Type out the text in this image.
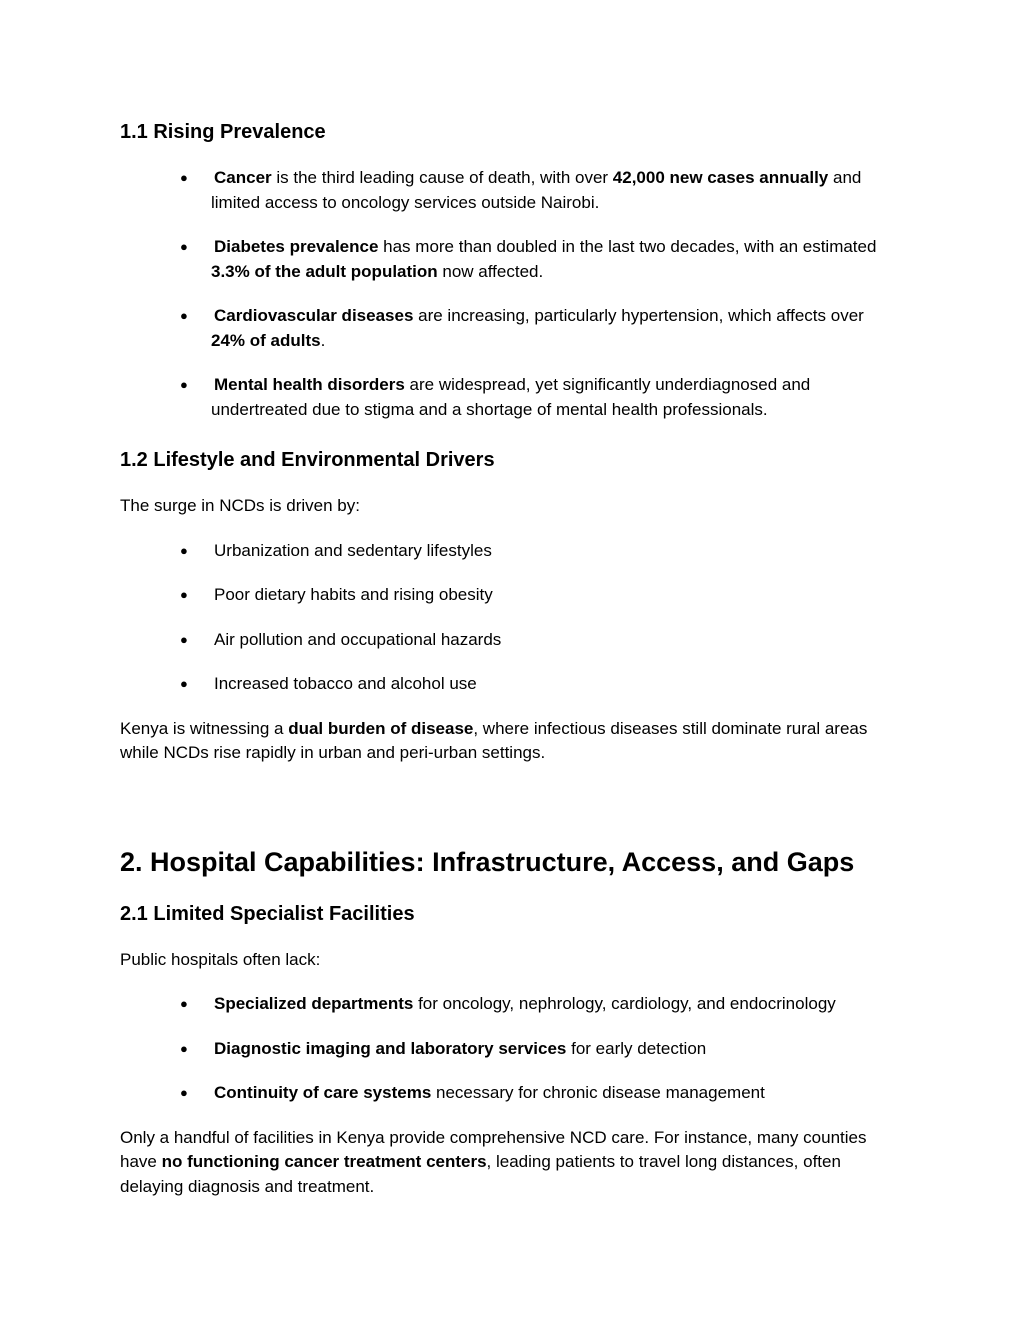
1.1 Rising Prevalence
● Cancer is the third leading cause of death, with over 42,000 new cases annually and limited access to oncology services outside Nairobi.
● Diabetes prevalence has more than doubled in the last two decades, with an estimated 3.3% of the adult population now affected.
● Cardiovascular diseases are increasing, particularly hypertension, which affects over 24% of adults.
● Mental health disorders are widespread, yet significantly underdiagnosed and undertreated due to stigma and a shortage of mental health professionals.
1.2 Lifestyle and Environmental Drivers

The surge in NCDs is driven by:

● Urbanization and sedentary lifestyles
● Poor dietary habits and rising obesity
● Air pollution and occupational hazards
● Increased tobacco and alcohol use

Kenya is witnessing a dual burden of disease, where infectious diseases still dominate rural areas while NCDs rise rapidly in urban and peri-urban settings.

2. Hospital Capabilities: Infrastructure, Access, and Gaps
2.1 Limited Specialist Facilities

Public hospitals often lack:

● Specialized departments for oncology, nephrology, cardiology, and endocrinology
● Diagnostic imaging and laboratory services for early detection
● Continuity of care systems necessary for chronic disease management

Only a handful of facilities in Kenya provide comprehensive NCD care. For instance, many counties have no functioning cancer treatment centers, leading patients to travel long distances, often delaying diagnosis and treatment.
